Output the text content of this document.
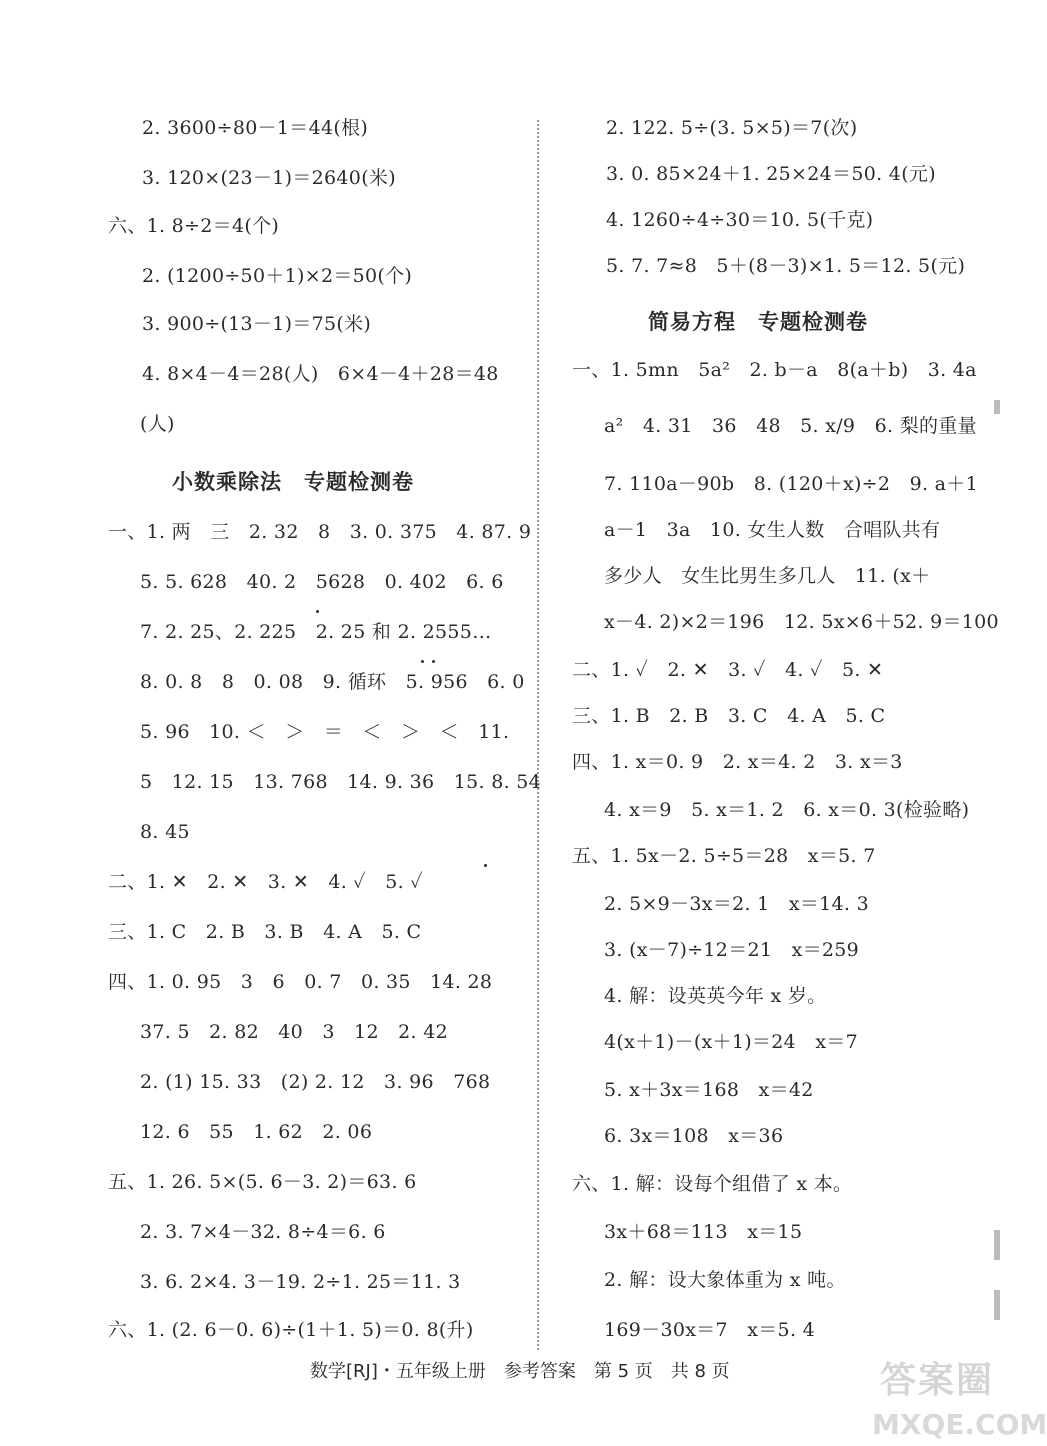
2. 3600÷80－1＝44(根)
3. 120×(23－1)＝2640(米)
六、1. 8÷2＝4(个)
2. (1200÷50＋1)×2＝50(个)
3. 900÷(13－1)＝75(米)
4. 8×4－4＝28(人)　6×4－4＋28＝48
(人)
小数乘除法　专题检测卷
一、1. 两　三　2. 32　8　3. 0. 375　4. 87. 9
5. 5. 628　40. 2　5628　0. 402　6. 6
7. 2. 25、2. 225　2. 25 和 2. 2555…
8. 0. 8　8　0. 08　9. 循环　5. 956　6. 0
5. 96　10. ＜　＞　＝　＜　＞　＜　11.
5　12. 15　13. 768　14. 9. 36　15. 8. 54
8. 45
二、1. ✕　2. ✕　3. ✕　4. ✓　5. ✓
三、1. C　2. B　3. B　4. A　5. C
四、1. 0. 95　3　6　0. 7　0. 35　14. 28
37. 5　2. 82　40　3　12　2. 42
2. (1) 15. 33　(2) 2. 12　3. 96　768
12. 6　55　1. 62　2. 06
五、1. 26. 5×(5. 6－3. 2)＝63. 6
2. 3. 7×4－32. 8÷4＝6. 6
3. 6. 2×4. 3－19. 2÷1. 25＝11. 3
六、1. (2. 6－0. 6)÷(1＋1. 5)＝0. 8(升)
2. 122. 5÷(3. 5×5)＝7(次)
3. 0. 85×24＋1. 25×24＝50. 4(元)
4. 1260÷4÷30＝10. 5(千克)
5. 7. 7≈8　5＋(8－3)×1. 5＝12. 5(元)
简易方程　专题检测卷
一、1. 5mn　5a²　2. b－a　8(a＋b)　3. 4a
a²　4. 31　36　48　5. x/9　6. 梨的重量
7. 110a－90b　8. (120＋x)÷2　9. a＋1
a－1　3a　10. 女生人数　合唱队共有
多少人　女生比男生多几人　11. (x＋
x－4. 2)×2＝196　12. 5x×6＋52. 9＝100
二、1. ✓　2. ✕　3. ✓　4. ✓　5. ✕
三、1. B　2. B　3. C　4. A　5. C
四、1. x＝0. 9　2. x＝4. 2　3. x＝3
4. x＝9　5. x＝1. 2　6. x＝0. 3(检验略)
五、1. 5x－2. 5÷5＝28　x＝5. 7
2. 5×9－3x＝2. 1　x＝14. 3
3. (x－7)÷12＝21　x＝259
4. 解：设英英今年 x 岁。
4(x＋1)－(x＋1)＝24　x＝7
5. x＋3x＝168　x＝42
6. 3x＝108　x＝36
六、1. 解：设每个组借了 x 本。
3x＋68＝113　x＝15
2. 解：设大象体重为 x 吨。
169－30x＝7　x＝5. 4
数学[RJ]・五年级上册　参考答案　第 5 页　共 8 页	答案圈
MXQE.COM
